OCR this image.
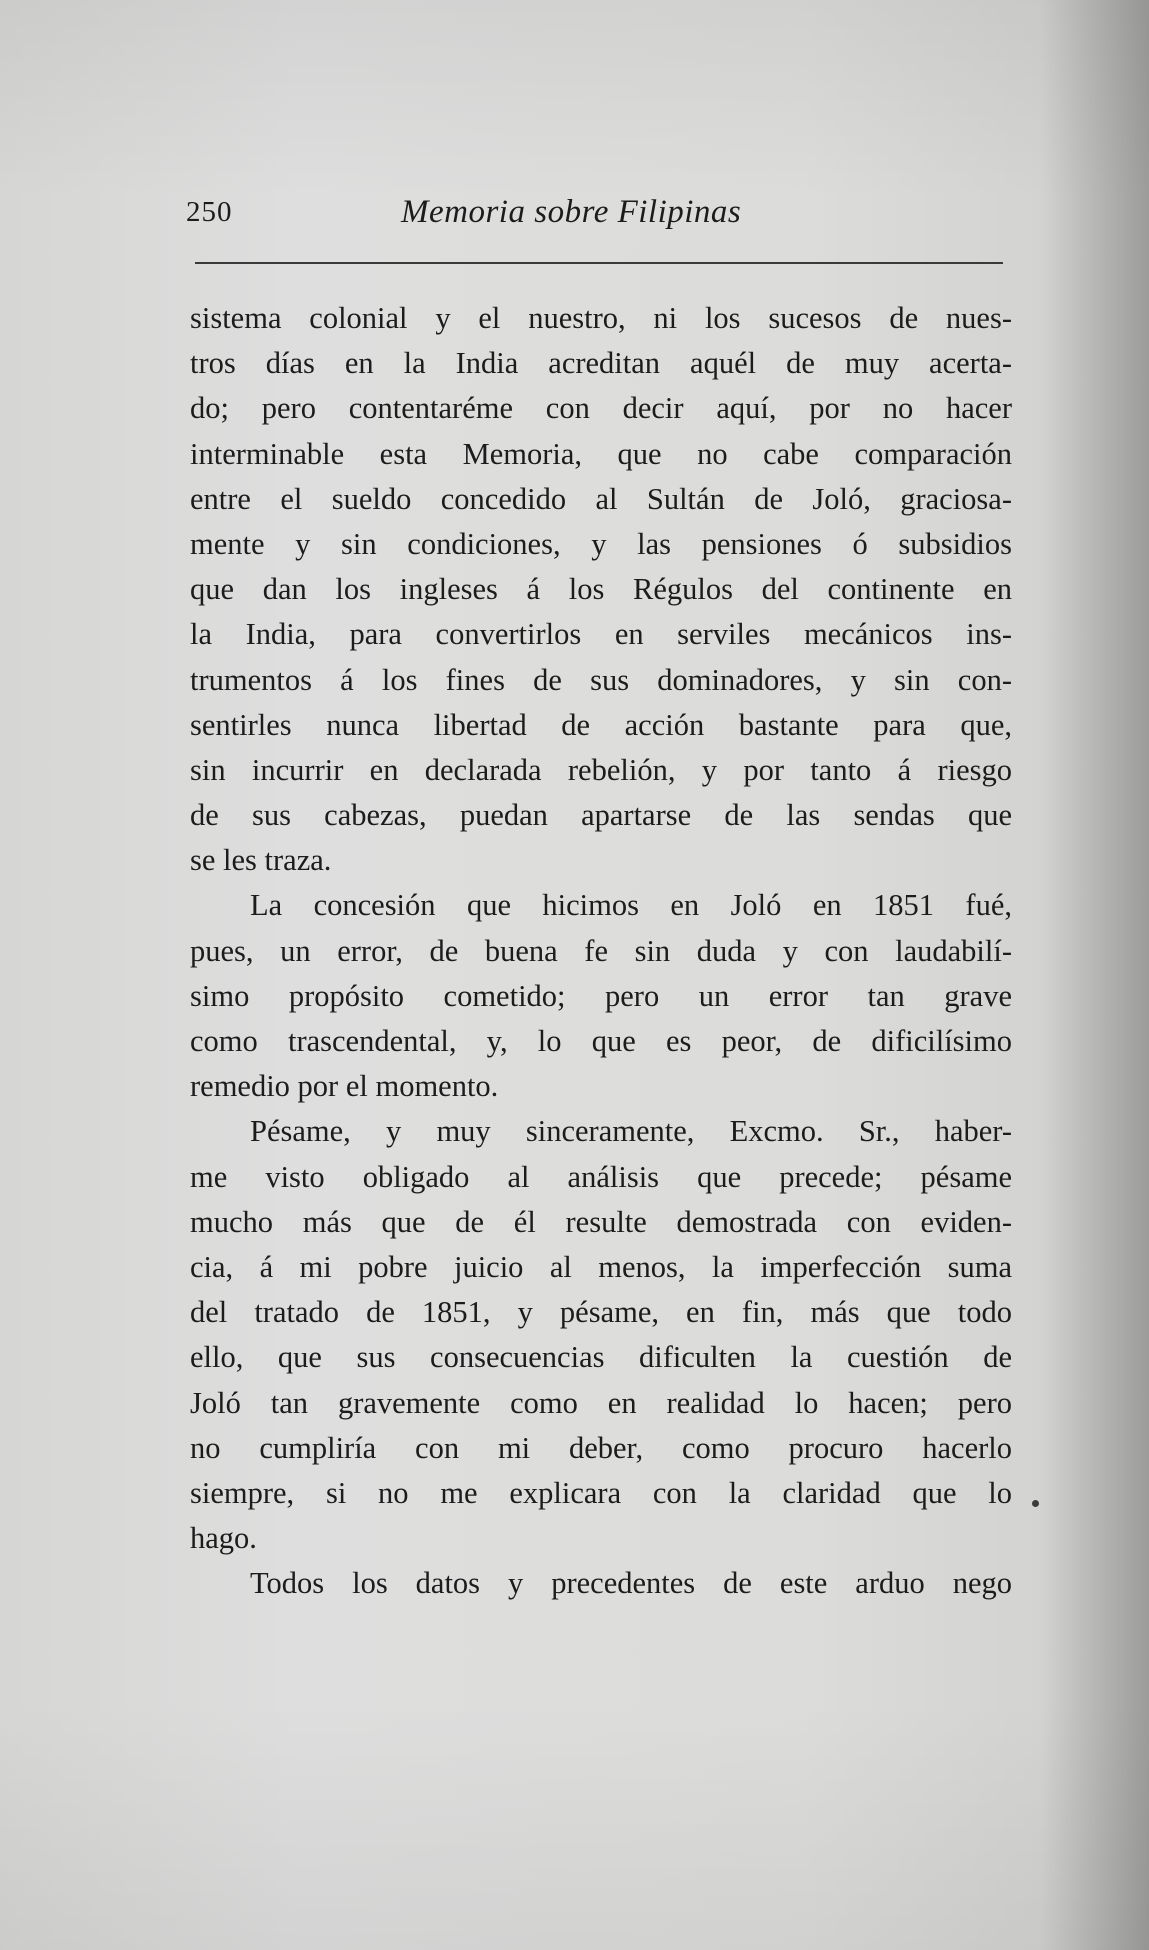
250	Memoria sobre Filipinas
sistema colonial y el nuestro, ni los sucesos de nues-
tros días en la India acreditan aquél de muy acerta-
do; pero contentaréme con decir aquí, por no hacer
interminable esta Memoria, que no cabe comparación
entre el sueldo concedido al Sultán de Joló, graciosa-
mente y sin condiciones, y las pensiones ó subsidios
que dan los ingleses á los Régulos del continente en
la India, para convertirlos en serviles mecánicos ins-
trumentos á los fines de sus dominadores, y sin con-
sentirles nunca libertad de acción bastante para que,
sin incurrir en declarada rebelión, y por tanto á riesgo
de sus cabezas, puedan apartarse de las sendas que
se les traza.
La concesión que hicimos en Joló en 1851 fué,
pues, un error, de buena fe sin duda y con laudabilí-
simo propósito cometido; pero un error tan grave
como trascendental, y, lo que es peor, de dificilísimo
remedio por el momento.
Pésame, y muy sinceramente, Excmo. Sr., haber-
me visto obligado al análisis que precede; pésame
mucho más que de él resulte demostrada con eviden-
cia, á mi pobre juicio al menos, la imperfección suma
del tratado de 1851, y pésame, en fin, más que todo
ello, que sus consecuencias dificulten la cuestión de
Joló tan gravemente como en realidad lo hacen; pero
no cumpliría con mi deber, como procuro hacerlo
siempre, si no me explicara con la claridad que lo
hago.
Todos los datos y precedentes de este arduo nego
